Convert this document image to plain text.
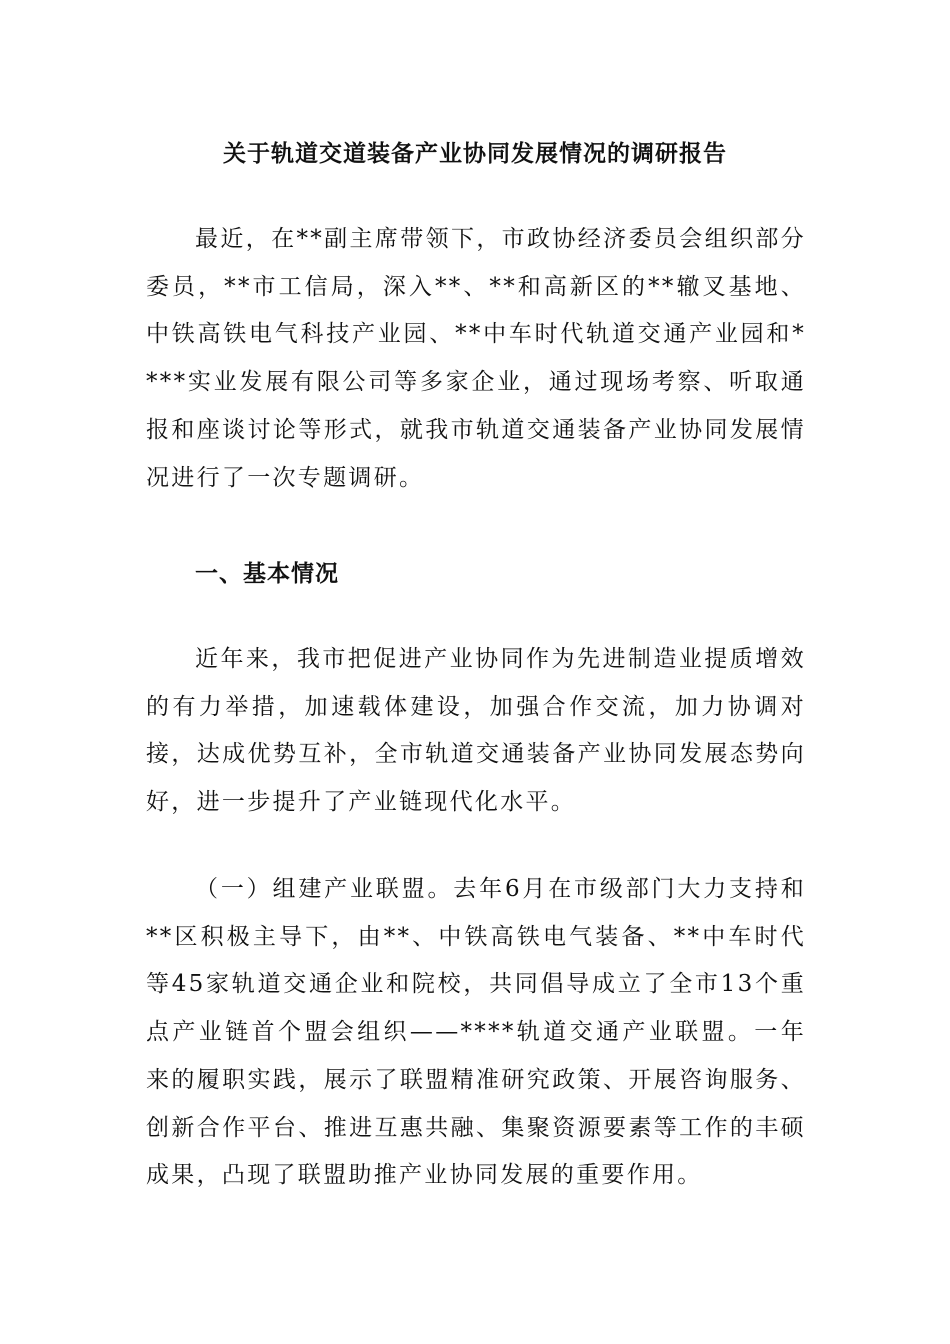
关于轨道交道装备产业协同发展情况的调研报告

最近，在**副主席带领下，市政协经济委员会组织部分委员，**市工信局，深入**、**和高新区的**辙叉基地、中铁高铁电气科技产业园、**中车时代轨道交通产业园和****实业发展有限公司等多家企业，通过现场考察、听取通报和座谈讨论等形式，就我市轨道交通装备产业协同发展情况进行了一次专题调研。

一、基本情况

近年来，我市把促进产业协同作为先进制造业提质增效的有力举措，加速载体建设，加强合作交流，加力协调对接，达成优势互补，全市轨道交通装备产业协同发展态势向好，进一步提升了产业链现代化水平。

（一）组建产业联盟。去年6月在市级部门大力支持和**区积极主导下，由**、中铁高铁电气装备、**中车时代等45家轨道交通企业和院校，共同倡导成立了全市13个重点产业链首个盟会组织——****轨道交通产业联盟。一年来的履职实践，展示了联盟精准研究政策、开展咨询服务、创新合作平台、推进互惠共融、集聚资源要素等工作的丰硕成果，凸现了联盟助推产业协同发展的重要作用。
